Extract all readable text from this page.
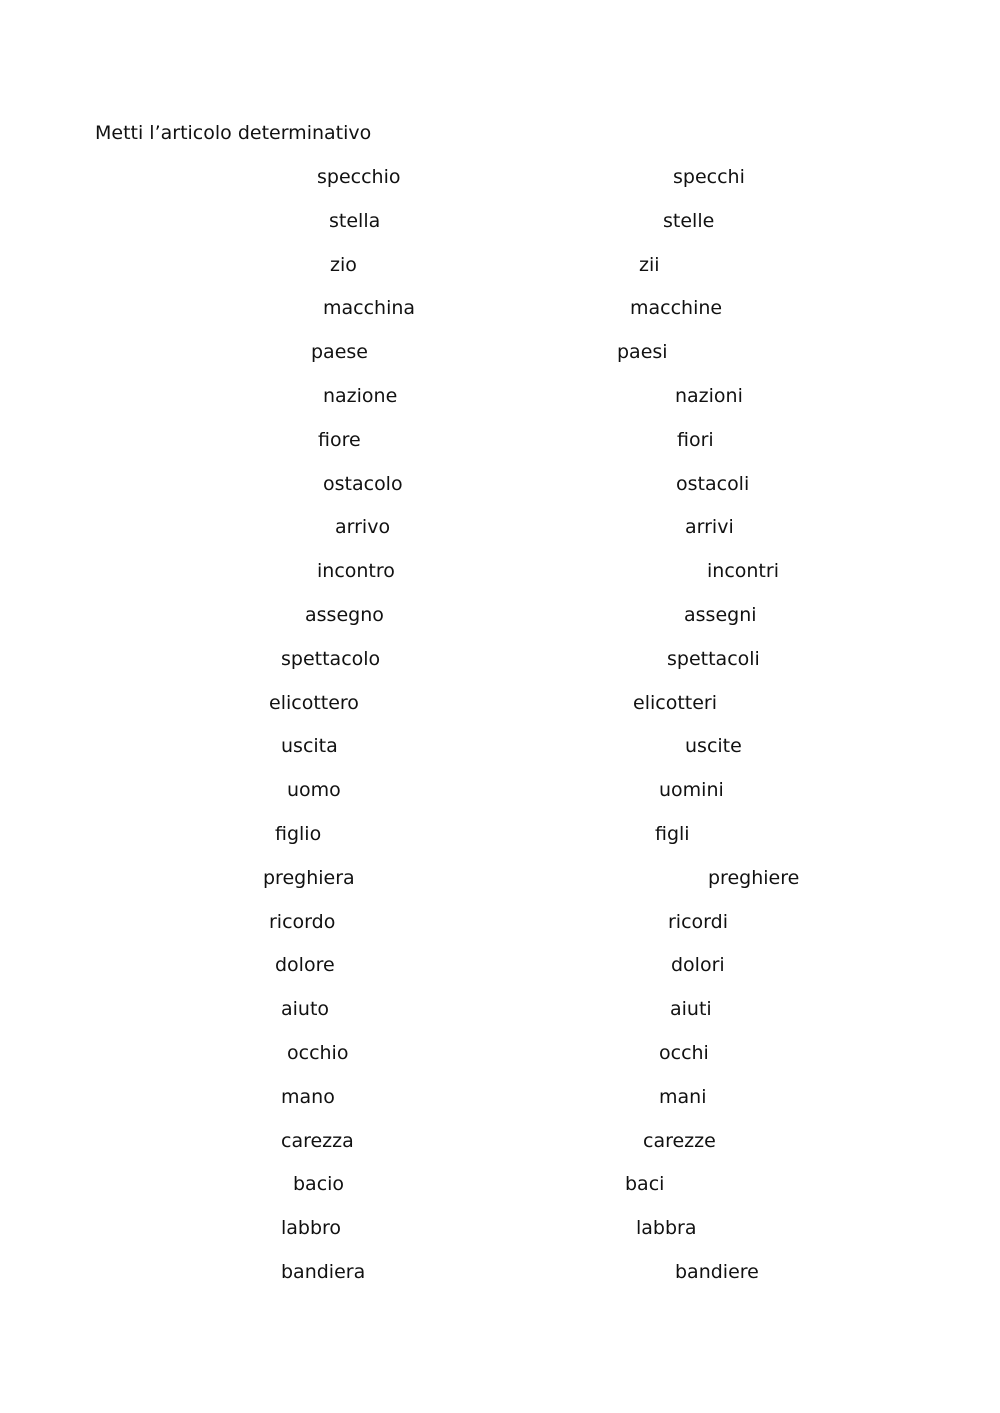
Metti l’articolo determinativo
specchio	specchi
stella	stelle
zio	zii
macchina	macchine
paese	paesi
nazione	nazioni
fiore	fiori
ostacolo	ostacoli
arrivo	arrivi
incontro	incontri
assegno	assegni
spettacolo	spettacoli
elicottero	elicotteri
uscita	uscite
uomo	uomini
figlio	figli
preghiera	preghiere
ricordo	ricordi
dolore	dolori
aiuto	aiuti
occhio	occhi
mano	mani
carezza	carezze
bacio	baci
labbro	labbra
bandiera	bandiere
